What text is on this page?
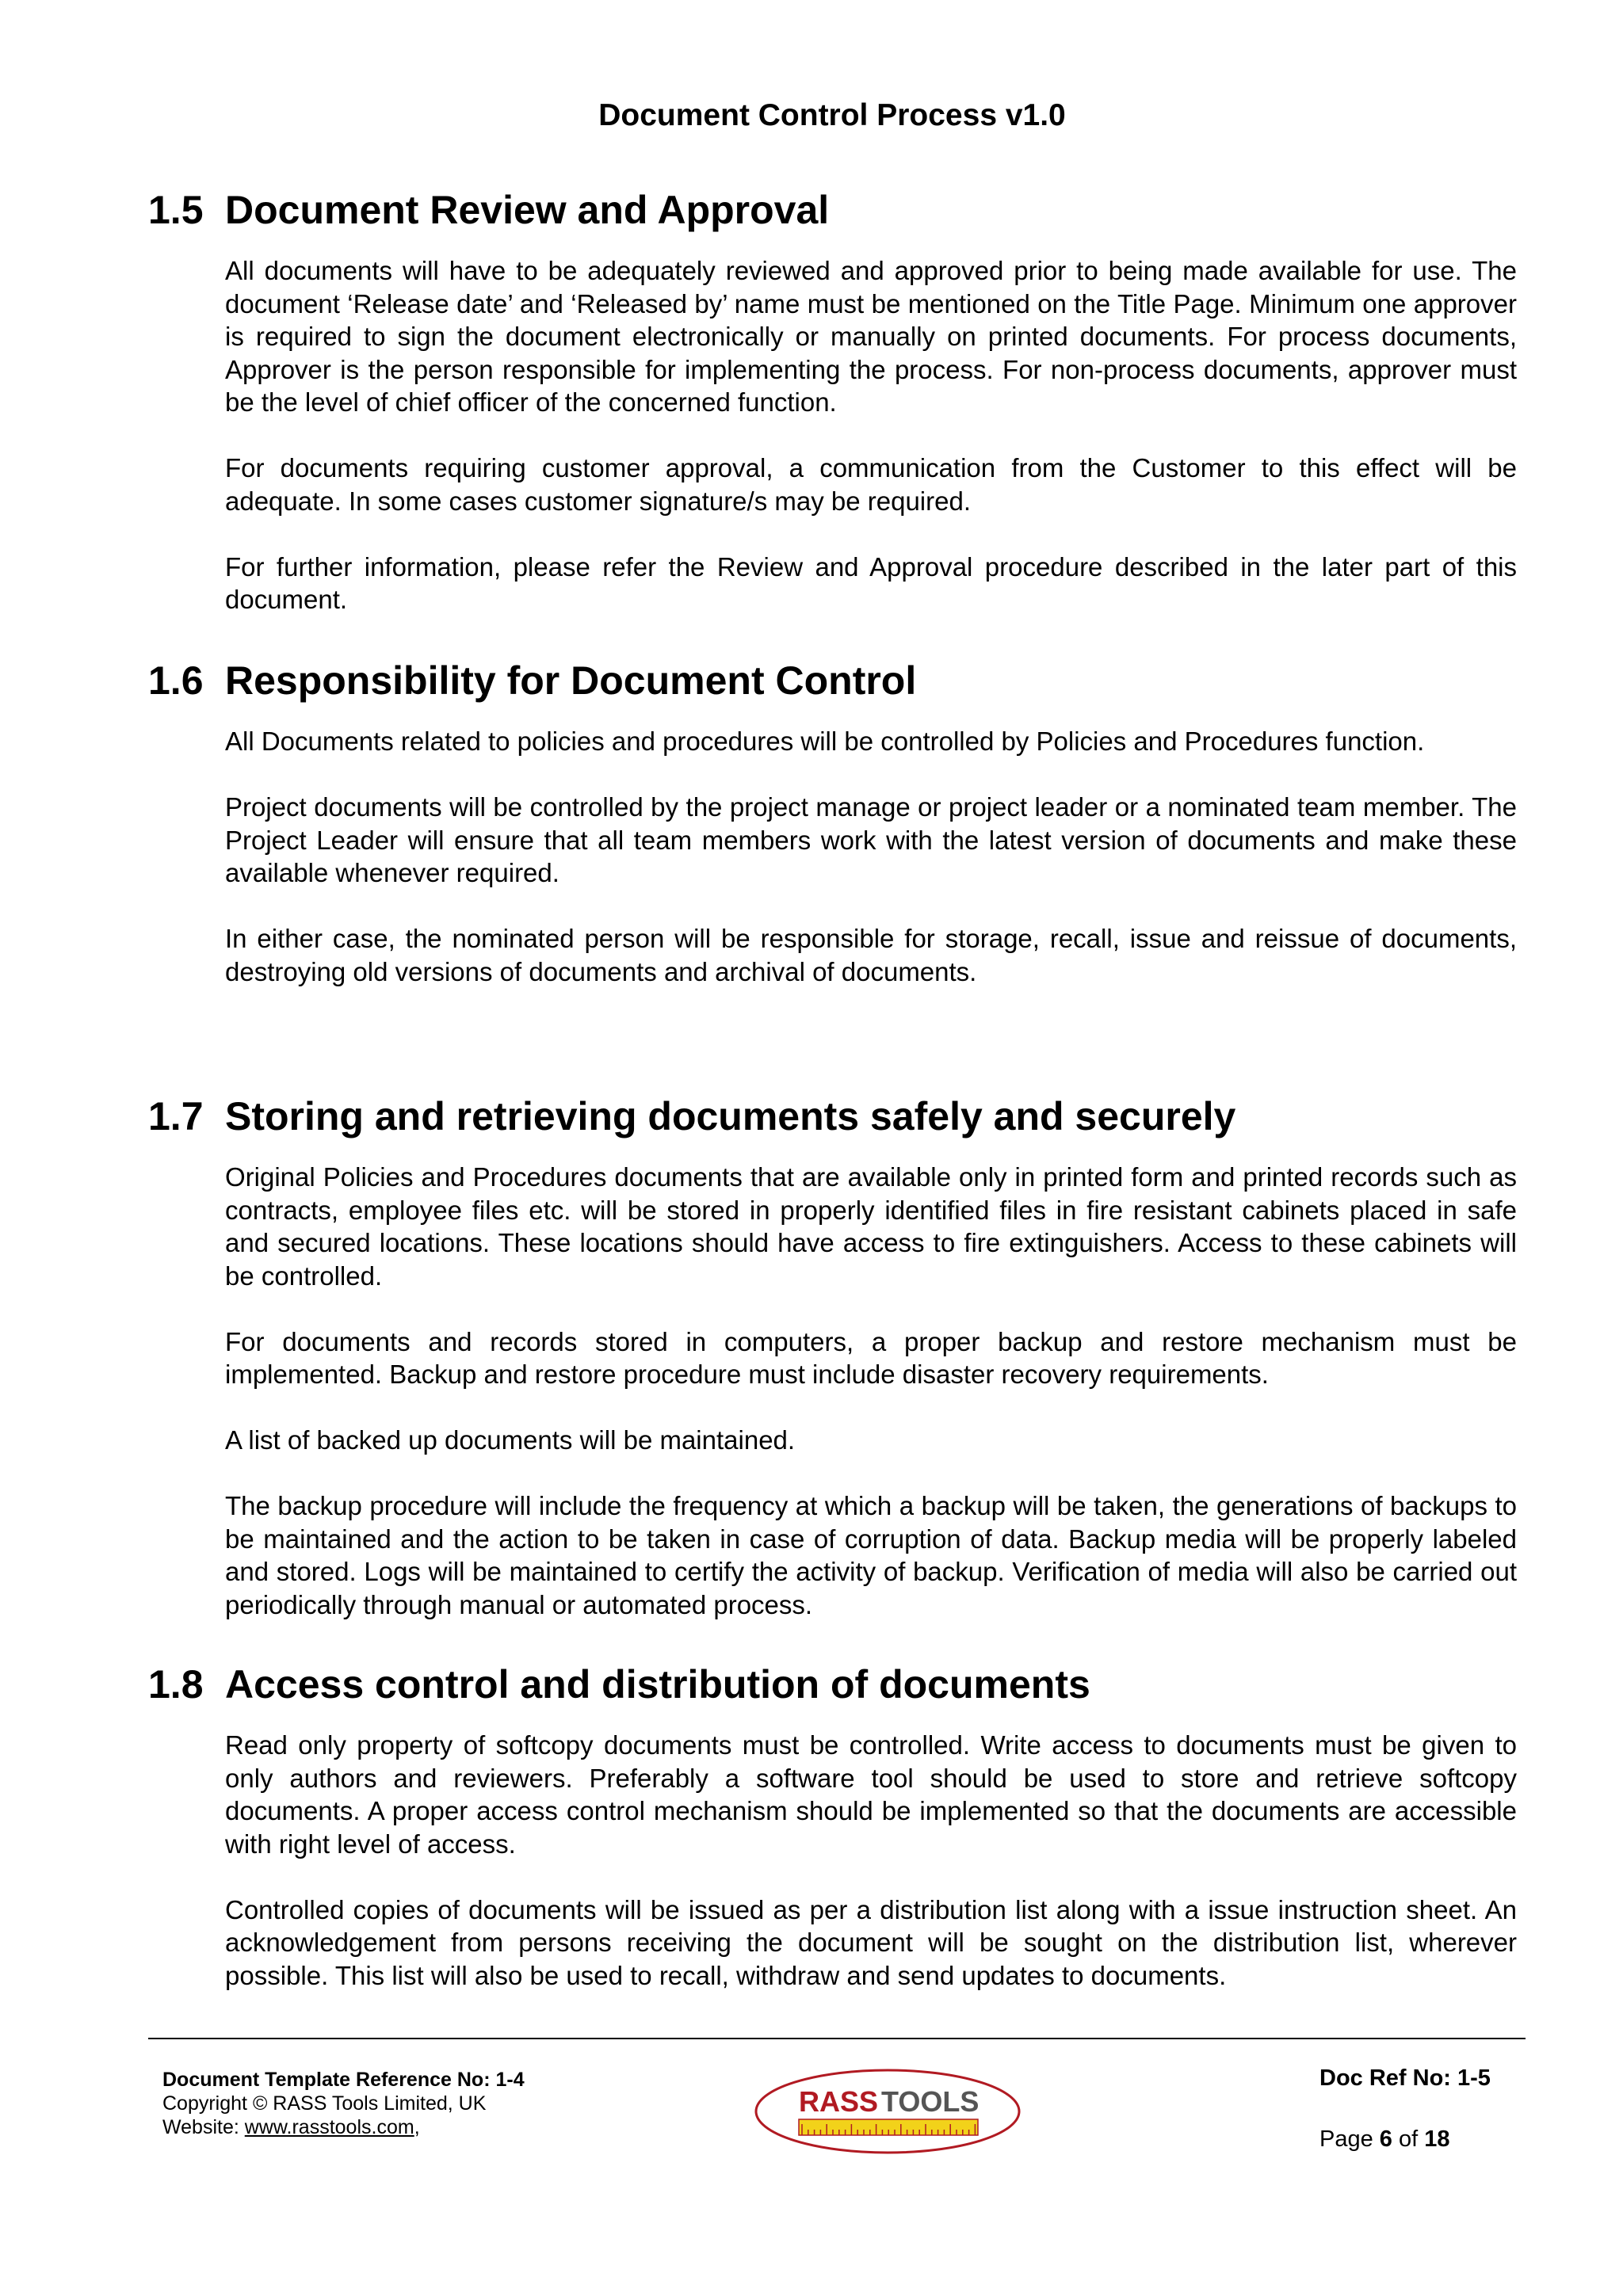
Document Control Process v1.0
1.5 Document Review and Approval

All documents will have to be adequately reviewed and approved prior to being made available for use. The document ‘Release date’ and ‘Released by’ name must be mentioned on the Title Page. Minimum one approver is required to sign the document electronically or manually on printed documents. For process documents, Approver is the person responsible for implementing the process. For non-process documents, approver must be the level of chief officer of the concerned function.

For documents requiring customer approval, a communication from the Customer to this effect will be adequate. In some cases customer signature/s may be required.

For further information, please refer the Review and Approval procedure described in the later part of this document.

1.6 Responsibility for Document Control

All Documents related to policies and procedures will be controlled by Policies and Procedures function.

Project documents will be controlled by the project manage or project leader or a nominated team member. The Project Leader will ensure that all team members work with the latest version of documents and make these available whenever required.

In either case, the nominated person will be responsible for storage, recall, issue and reissue of documents, destroying old versions of documents and archival of documents.

1.7 Storing and retrieving documents safely and securely

Original Policies and Procedures documents that are available only in printed form and printed records such as contracts, employee files etc. will be stored in properly identified files in fire resistant cabinets placed in safe and secured locations. These locations should have access to fire extinguishers. Access to these cabinets will be controlled.

For documents and records stored in computers, a proper backup and restore mechanism must be implemented. Backup and restore procedure must include disaster recovery requirements.

A list of backed up documents will be maintained.

The backup procedure will include the frequency at which a backup will be taken, the generations of backups to be maintained and the action to be taken in case of corruption of data. Backup media will be properly labeled and stored. Logs will be maintained to certify the activity of backup. Verification of media will also be carried out periodically through manual or automated process.

1.8 Access control and distribution of documents

Read only property of softcopy documents must be controlled. Write access to documents must be given to only authors and reviewers. Preferably a software tool should be used to store and retrieve softcopy documents. A proper access control mechanism should be implemented so that the documents are accessible with right level of access.

Controlled copies of documents will be issued as per a distribution list along with a issue instruction sheet. An acknowledgement from persons receiving the document will be sought on the distribution list, wherever possible. This list will also be used to recall, withdraw and send updates to documents.

Document Template Reference No: 1-4
Copyright © RASS Tools Limited, UK
Website: www.rasstools.com,
RASS TOOLS
Doc Ref No: 1-5
Page 6 of 18
